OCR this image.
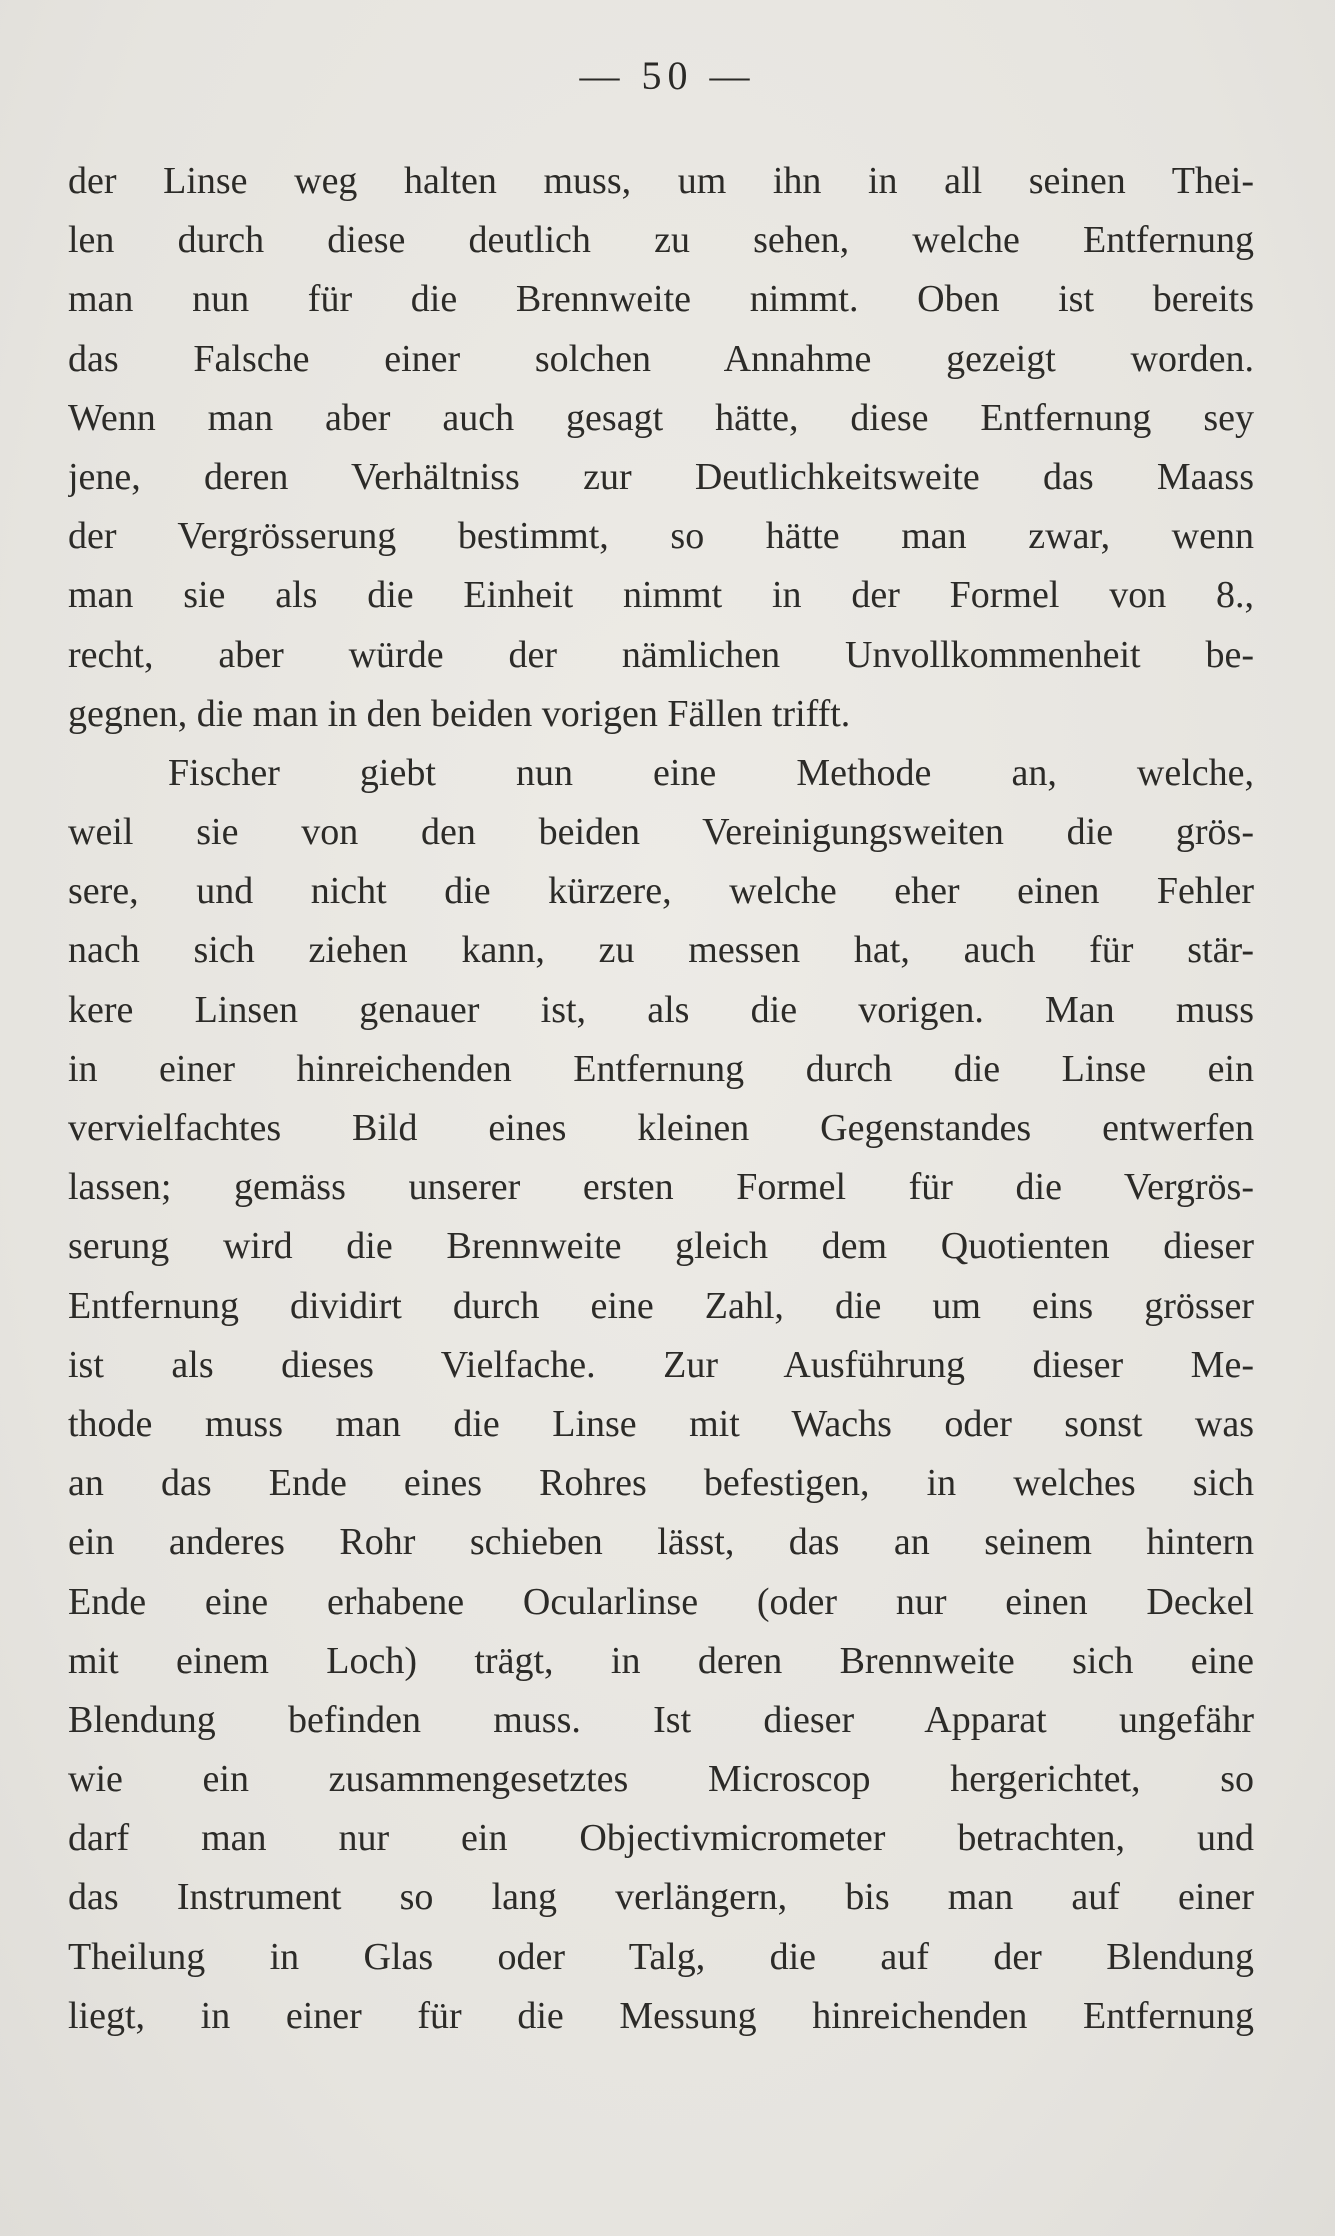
— 50 —
der Linse weg halten muss, um ihn in all seinen Thei-
len durch diese deutlich zu sehen, welche Entfernung
man nun für die Brennweite nimmt. Oben ist bereits
das Falsche einer solchen Annahme gezeigt worden.
Wenn man aber auch gesagt hätte, diese Entfernung sey
jene, deren Verhältniss zur Deutlichkeitsweite das Maass
der Vergrösserung bestimmt, so hätte man zwar, wenn
man sie als die Einheit nimmt in der Formel von 8.,
recht, aber würde der nämlichen Unvollkommenheit be-
gegnen, die man in den beiden vorigen Fällen trifft.
Fischer giebt nun eine Methode an, welche,
weil sie von den beiden Vereinigungsweiten die grös-
sere, und nicht die kürzere, welche eher einen Fehler
nach sich ziehen kann, zu messen hat, auch für stär-
kere Linsen genauer ist, als die vorigen. Man muss
in einer hinreichenden Entfernung durch die Linse ein
vervielfachtes Bild eines kleinen Gegenstandes entwerfen
lassen; gemäss unserer ersten Formel für die Vergrös-
serung wird die Brennweite gleich dem Quotienten dieser
Entfernung dividirt durch eine Zahl, die um eins grösser
ist als dieses Vielfache. Zur Ausführung dieser Me-
thode muss man die Linse mit Wachs oder sonst was
an das Ende eines Rohres befestigen, in welches sich
ein anderes Rohr schieben lässt, das an seinem hintern
Ende eine erhabene Ocularlinse (oder nur einen Deckel
mit einem Loch) trägt, in deren Brennweite sich eine
Blendung befinden muss. Ist dieser Apparat ungefähr
wie ein zusammengesetztes Microscop hergerichtet, so
darf man nur ein Objectivmicrometer betrachten, und
das Instrument so lang verlängern, bis man auf einer
Theilung in Glas oder Talg, die auf der Blendung
liegt, in einer für die Messung hinreichenden Entfernung
